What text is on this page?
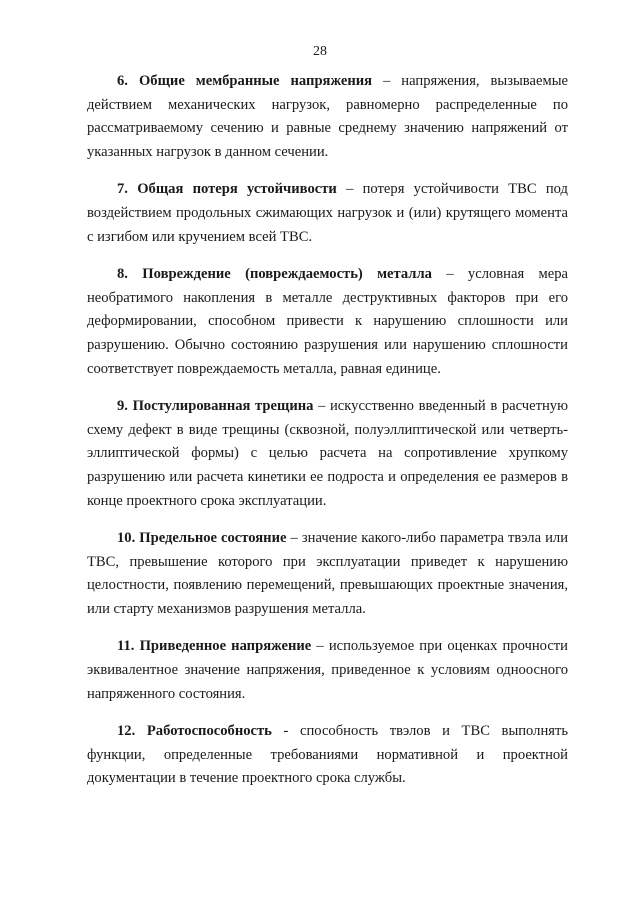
28

6. Общие мембранные напряжения – напряжения, вызываемые действием механических нагрузок, равномерно распределенные по рассматриваемому сечению и равные среднему значению напряжений от указанных нагрузок в данном сечении.

7. Общая потеря устойчивости – потеря устойчивости ТВС под воздействием продольных сжимающих нагрузок и (или) крутящего момента с изгибом или кручением всей ТВС.

8. Повреждение (повреждаемость) металла – условная мера необратимого накопления в металле деструктивных факторов при его деформировании, способном привести к нарушению сплошности или разрушению. Обычно состоянию разрушения или нарушению сплошности соответствует повреждаемость металла, равная единице.

9. Постулированная трещина – искусственно введенный в расчетную схему дефект в виде трещины (сквозной, полуэллиптической или четверть-эллиптической формы) с целью расчета на сопротивление хрупкому разрушению или расчета кинетики ее подроста и определения ее размеров в конце проектного срока эксплуатации.

10. Предельное состояние – значение какого-либо параметра твэла или ТВС, превышение которого при эксплуатации приведет к нарушению целостности, появлению перемещений, превышающих проектные значения, или старту механизмов разрушения металла.

11. Приведенное напряжение – используемое при оценках прочности эквивалентное значение напряжения, приведенное к условиям одноосного напряженного состояния.

12. Работоспособность - способность твэлов и ТВС выполнять функции, определенные требованиями нормативной и проектной документации в течение проектного срока службы.
